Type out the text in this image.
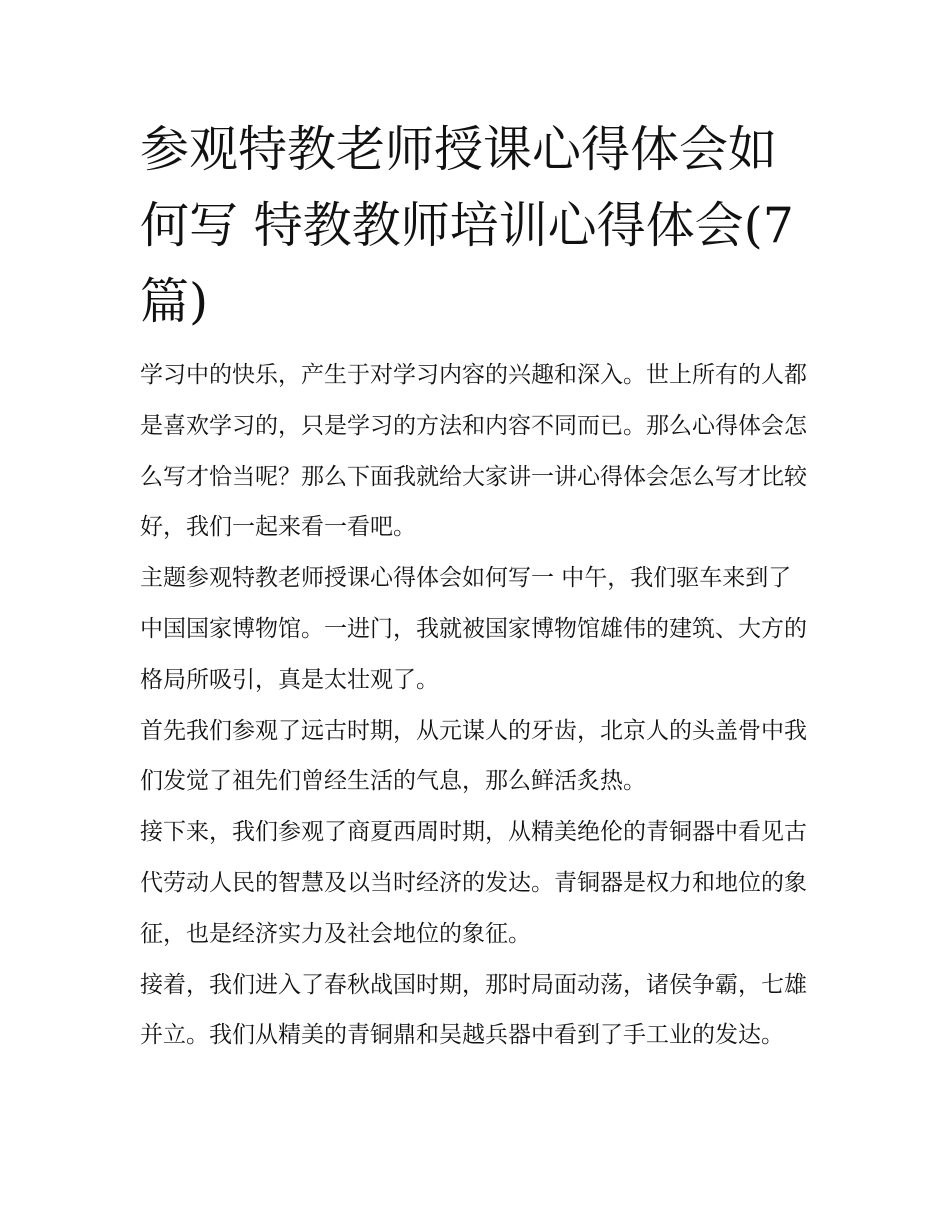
参观特教老师授课心得体会如何写 特教教师培训心得体会(7篇)

学习中的快乐，产生于对学习内容的兴趣和深入。世上所有的人都是喜欢学习的，只是学习的方法和内容不同而已。那么心得体会怎么写才恰当呢？那么下面我就给大家讲一讲心得体会怎么写才比较好，我们一起来看一看吧。

主题参观特教老师授课心得体会如何写一 中午，我们驱车来到了中国国家博物馆。一进门，我就被国家博物馆雄伟的建筑、大方的格局所吸引，真是太壮观了。

首先我们参观了远古时期，从元谋人的牙齿，北京人的头盖骨中我们发觉了祖先们曾经生活的气息，那么鲜活炙热。

接下来，我们参观了商夏西周时期，从精美绝伦的青铜器中看见古代劳动人民的智慧及以当时经济的发达。青铜器是权力和地位的象征，也是经济实力及社会地位的象征。

接着，我们进入了春秋战国时期，那时局面动荡，诸侯争霸，七雄并立。我们从精美的青铜鼎和吴越兵器中看到了手工业的发达。
